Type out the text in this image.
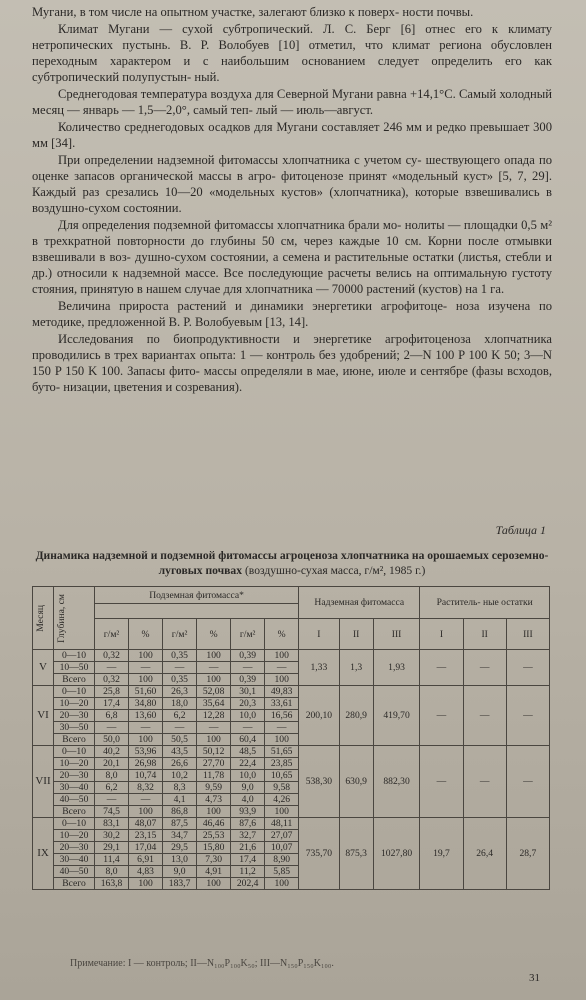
Мугани, в том числе на опытном участке, залегают близко к поверх- ности почвы.

Климат Мугани — сухой субтропический. Л. С. Берг [6] отнес его к климату нетропических пустынь. В. Р. Волобуев [10] отметил, что климат региона обусловлен переходным характером и с наибольшим основанием следует определить его как субтропический полупустын- ный.

Среднегодовая температура воздуха для Северной Мугани равна +14,1°С. Самый холодный месяц — январь — 1,5—2,0°, самый теп- лый — июль—август.

Количество среднегодовых осадков для Мугани составляет 246 мм и редко превышает 300 мм [34].

При определении надземной фитомассы хлопчатника с учетом су- шествующего опада по оценке запасов органической массы в агро- фитоценозе принят «модельный куст» [5, 7, 29]. Каждый раз срезались 10—20 «модельных кустов» (хлопчатника), которые взвешивались в воздушно-сухом состоянии.

Для определения подземной фитомассы хлопчатника брали мо- нолиты — площадки 0,5 м² в трехкратной повторности до глубины 50 см, через каждые 10 см. Корни после отмывки взвешивали в воз- душно-сухом состоянии, а семена и растительные остатки (листья, стебли и др.) относили к надземной массе. Все последующие расчеты велись на оптимальную густоту стояния, принятую в нашем случае для хлопчатника — 70000 растений (кустов) на 1 га.

Величина прироста растений и динамики энергетики агрофитоце- ноза изучена по методике, предложенной В. Р. Волобуевым [13, 14].

Исследования по биопродуктивности и энергетике агрофитоценоза хлопчатника проводились в трех вариантах опыта: 1 — контроль без удобрений; 2—N 100 P 100 K 50; 3—N 150 P 150 K 100. Запасы фито- массы определяли в мае, июне, июле и сентябре (фазы всходов, буто- низации, цветения и созревания).

Таблица 1
Динамика надземной и подземной фитомассы агроценоза хлопчатника на орошаемых сероземно-луговых почвах (воздушно-сухая масса, г/м², 1985 г.)
Месяц	Глубина, см	Подземная фитомасса*						Надземная фитомасса			Раститель- ные остатки		

		г/м²	%	г/м²	%	г/м²	%	I	II	III	I	II	III
V	0—10	0,32	100	0,35	100	0,39	100	1,33	1,3	1,93	—	—	—
	10—50	—	—	—	—	—	—						
	Всего	0,32	100	0,35	100	0,39	100						
VI	0—10	25,8	51,60	26,3	52,08	30,1	49,83	200,10	280,9	419,70	—	—	—
	10—20	17,4	34,80	18,0	35,64	20,3	33,61						
	20—30	6,8	13,60	6,2	12,28	10,0	16,56						
	30—50	—	—	—	—	—	—						
	Всего	50,0	100	50,5	100	60,4	100						
VII	0—10	40,2	53,96	43,5	50,12	48,5	51,65	538,30	630,9	882,30	—	—	—
	10—20	20,1	26,98	26,6	27,70	22,4	23,85						
	20—30	8,0	10,74	10,2	11,78	10,0	10,65						
	30—40	6,2	8,32	8,3	9,59	9,0	9,58						
	40—50	—	—	4,1	4,73	4,0	4,26						
	Всего	74,5	100	86,8	100	93,9	100						
IX	0—10	83,1	48,07	87,5	46,46	87,6	48,11	735,70	875,3	1027,80	19,7	26,4	28,7
	10—20	30,2	23,15	34,7	25,53	32,7	27,07						
	20—30	29,1	17,04	29,5	15,80	21,6	10,07						
	30—40	11,4	6,91	13,0	7,30	17,4	8,90						
	40—50	8,0	4,83	9,0	4,91	11,2	5,85						
	Всего	163,8	100	183,7	100	202,4	100						
Примечание: I — контроль; II—N₁₀₀P₁₀₀K₅₀; III—N₁₅₀P₁₅₀K₁₀₀.
31
